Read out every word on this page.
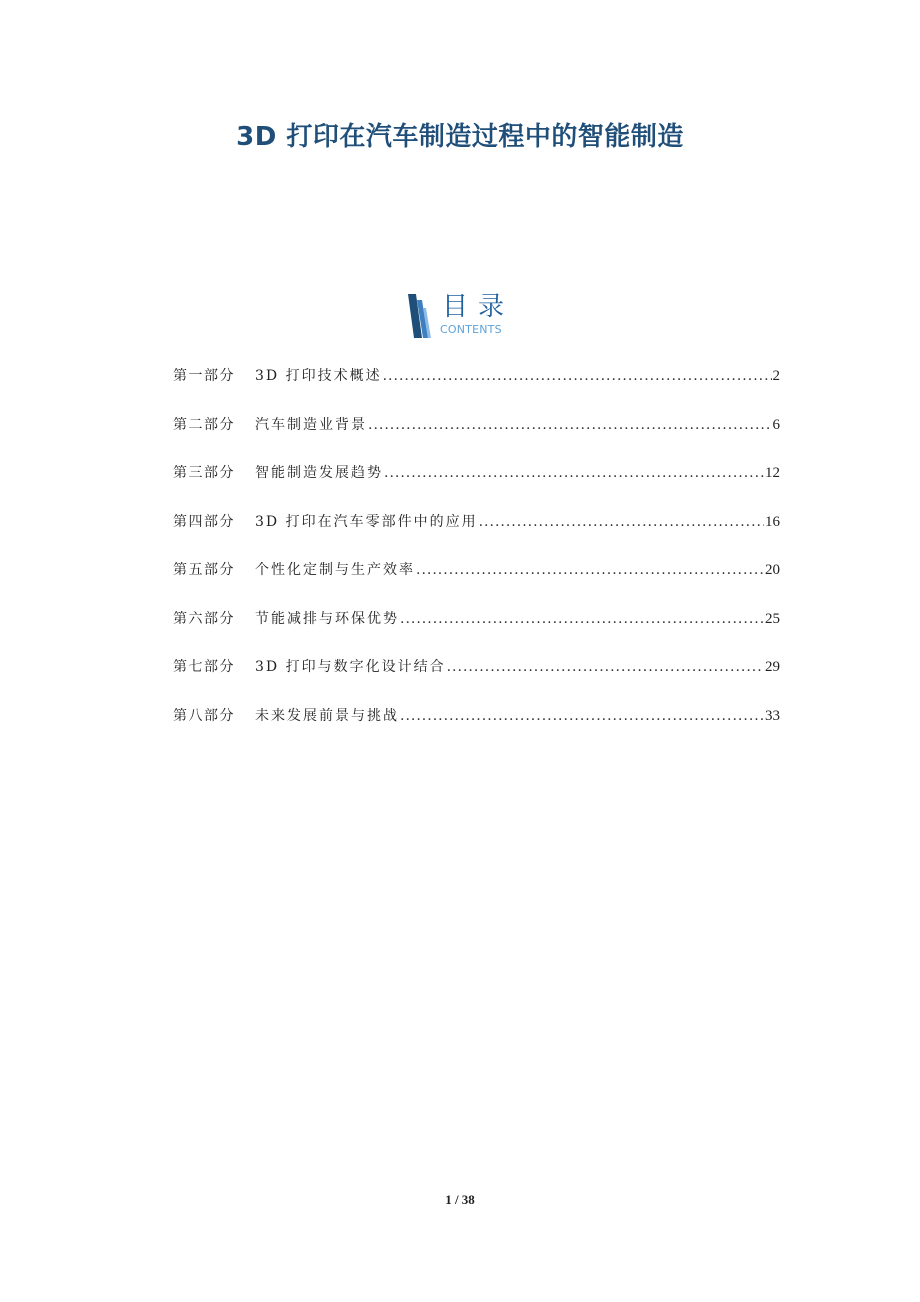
3D 打印在汽车制造过程中的智能制造
目录
CONTENTS
第一部分	3D 打印技术概述 .....	2
第二部分	汽车制造业背景 .....	6
第三部分	智能制造发展趋势 .....	12
第四部分	3D 打印在汽车零部件中的应用 .....	16
第五部分	个性化定制与生产效率 .....	20
第六部分	节能减排与环保优势 .....	25
第七部分	3D 打印与数字化设计结合 .....	29
第八部分	未来发展前景与挑战 .....	33
1 / 38
